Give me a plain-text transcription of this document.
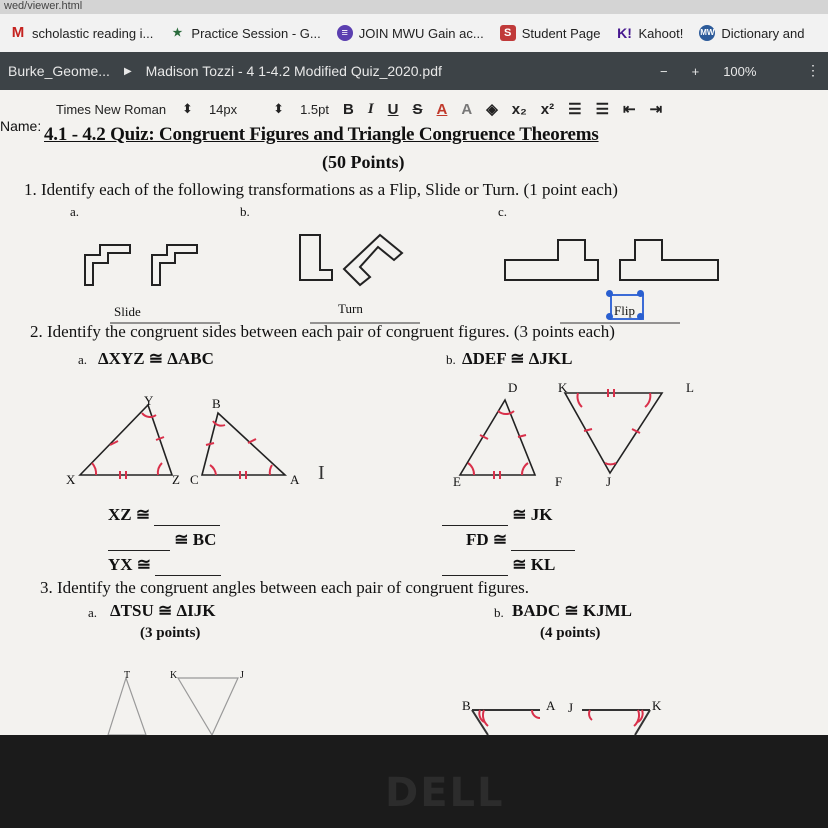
wed/viewer.html
M scholastic reading i... ★ Practice Session - G...	≡ JOIN MWU Gain ac...	S Student Page K! Kahoot! MW Dictionary and
Burke_Geome... ▶ Madison Tozzi - 4 1-4.2 Modified Quiz_2020.pdf	− + 100%	⋮
Times New Roman ⬍ 14px	⬍ 1.5pt B I U S A A ◈ x₂ x² ☰ ☰ ⇤ ⇥
Name: 4.1 - 4.2 Quiz: Congruent Figures and Triangle Congruence Theorems
(50 Points)
1. Identify each of the following transformations as a Flip, Slide or Turn. (1 point each)
a.	b.	c.
Slide	Turn	Flip
2. Identify the congruent sides between each pair of congruent figures. (3 points each)
a. ΔXYZ ≅ ΔABC	b. ΔDEF ≅ ΔJKL
Y
X	Z
B
C	A
D
E	F
K	L
J
I
XZ ≅
≅ BC
YX ≅
≅ JK
FD ≅
≅ KL
3. Identify the congruent angles between each pair of congruent figures.
a. ΔTSU ≅ ΔIJK
(3 points)
b. BADC ≅ KJML
(4 points)
T	K	J
B	A J	K
DELL
